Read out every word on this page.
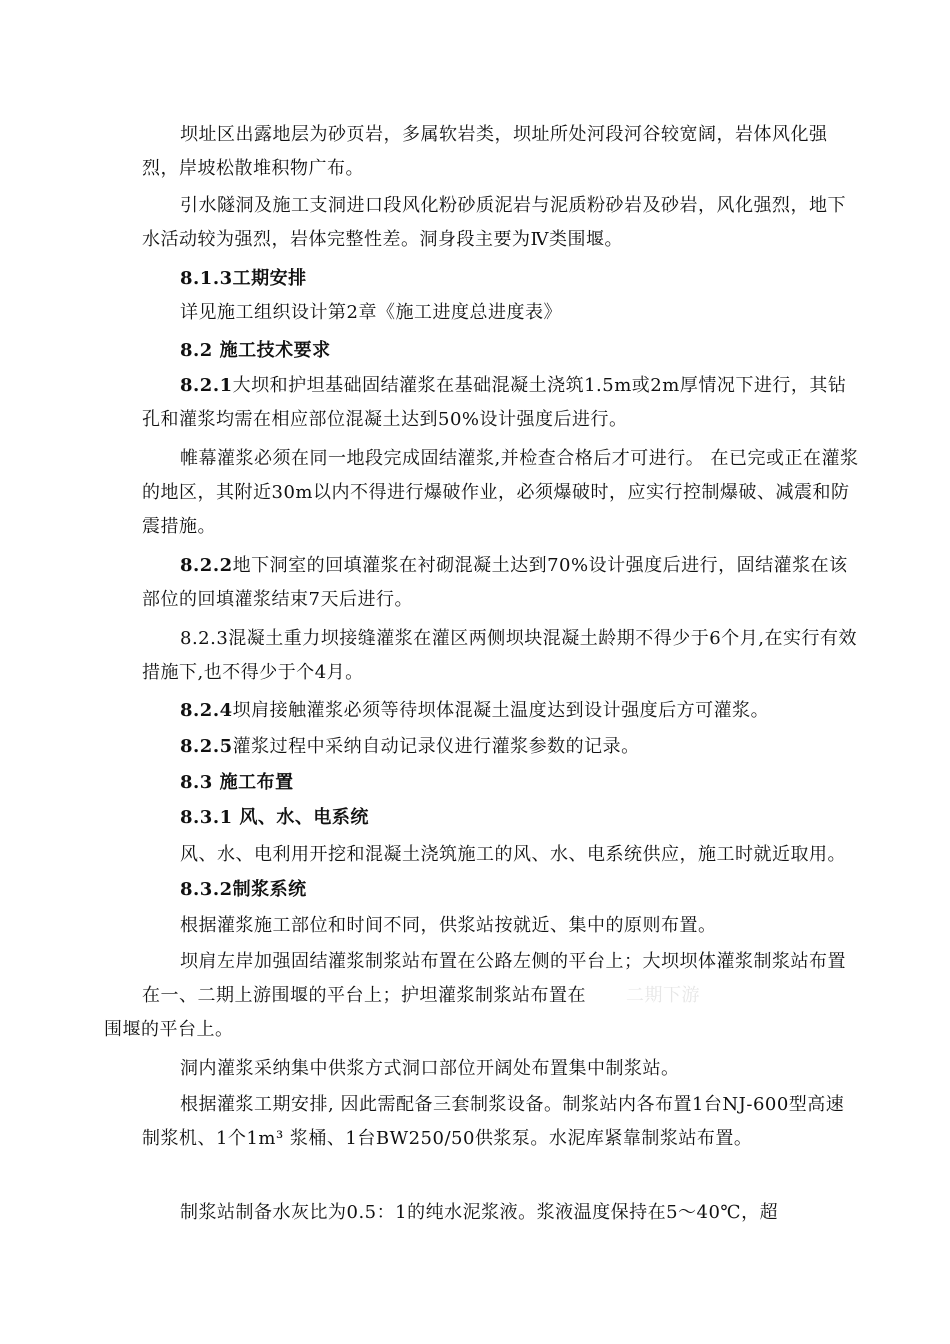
坝址区出露地层为砂页岩，多属软岩类，坝址所处河段河谷较宽阔，岩体风化强烈，岸坡松散堆积物广布。

引水隧洞及施工支洞进口段风化粉砂质泥岩与泥质粉砂岩及砂岩，风化强烈，地下水活动较为强烈，岩体完整性差。洞身段主要为Ⅳ类围堰。

8.1.3工期安排

详见施工组织设计第2章《施工进度总进度表》

8.2 施工技术要求

8.2.1大坝和护坦基础固结灌浆在基础混凝土浇筑1.5m或2m厚情况下进行，其钻孔和灌浆均需在相应部位混凝土达到50%设计强度后进行。

帷幕灌浆必须在同一地段完成固结灌浆,并检查合格后才可进行。 在已完或正在灌浆的地区，其附近30m以内不得进行爆破作业，必须爆破时，应实行控制爆破、减震和防震措施。

8.2.2地下洞室的回填灌浆在衬砌混凝土达到70%设计强度后进行，固结灌浆在该部位的回填灌浆结束7天后进行。

8.2.3混凝土重力坝接缝灌浆在灌区两侧坝块混凝土龄期不得少于6个月,在实行有效措施下,也不得少于个4月。

8.2.4坝肩接触灌浆必须等待坝体混凝土温度达到设计强度后方可灌浆。

8.2.5灌浆过程中采纳自动记录仪进行灌浆参数的记录。

8.3 施工布置

8.3.1 风、水、电系统

风、水、电利用开挖和混凝土浇筑施工的风、水、电系统供应，施工时就近取用。

8.3.2制浆系统

根据灌浆施工部位和时间不同，供浆站按就近、集中的原则布置。

坝肩左岸加强固结灌浆制浆站布置在公路左侧的平台上；大坝坝体灌浆制浆站布置在一、二期上游围堰的平台上；护坦灌浆制浆站布置在 二期下游
围堰的平台上。

洞内灌浆采纳集中供浆方式洞口部位开阔处布置集中制浆站。

根据灌浆工期安排, 因此需配备三套制浆设备。制浆站内各布置1台NJ-600型高速制浆机、1个1m³ 浆桶、1台BW250/50供浆泵。水泥库紧靠制浆站布置。

制浆站制备水灰比为0.5：1的纯水泥浆液。浆液温度保持在5～40℃，超
